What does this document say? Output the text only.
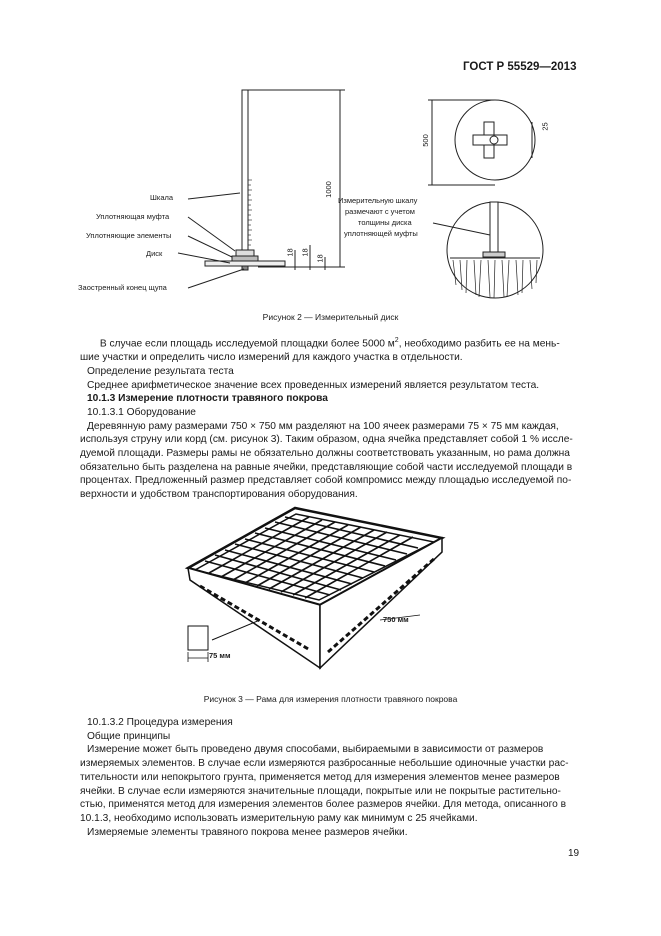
ГОСТ Р 55529—2013
Шкала
Уплотняющая муфта
Уплотняющие элементы
Диск
Заостренный конец щупа
1000
18 18
18
500
25
Измерительную шкалу
размечают с учетом
толщины диска
уплотняющей муфты
Рисунок 2 — Измерительный диск

В случае если площадь исследуемой площадки более 5000 $м^2$, необходимо разбить ее на мень-

шие участки и определить число измерений для каждого участка в отдельности.

Определение результата теста

Среднее арифметическое значение всех проведенных измерений является результатом теста.

10.1.3 Измерение плотности травяного покрова

10.1.3.1 Оборудование

Деревянную раму размерами 750 × 750 мм разделяют на 100 ячеек размерами 75 × 75 мм каждая,

используя струну или корд (см. рисунок 3). Таким образом, одна ячейка представляет собой 1 % иссле-

дуемой площади. Размеры рамы не обязательно должны соответствовать указанным, но рама должна

обязательно быть разделена на равные ячейки, представляющие собой части исследуемой площади в

процентах. Предложенный размер представляет собой компромисс между площадью исследуемой по-

верхности и удобством транспортирования оборудования.

750 мм
75 мм
Рисунок 3 — Рама для измерения плотности травяного покрова

10.1.3.2 Процедура измерения

Общие принципы

Измерение может быть проведено двумя способами, выбираемыми в зависимости от размеров

измеряемых элементов. В случае если измеряются разбросанные небольшие одиночные участки рас-

тительности или непокрытого грунта, применяется метод для измерения элементов менее размеров

ячейки. В случае если измеряются значительные площади, покрытые или не покрытые растительно-

стью, применятся метод для измерения элементов более размеров ячейки. Для метода, описанного в

10.1.3, необходимо использовать измерительную раму как минимум с 25 ячейками.

Измеряемые элементы травяного покрова менее размеров ячейки.

19
